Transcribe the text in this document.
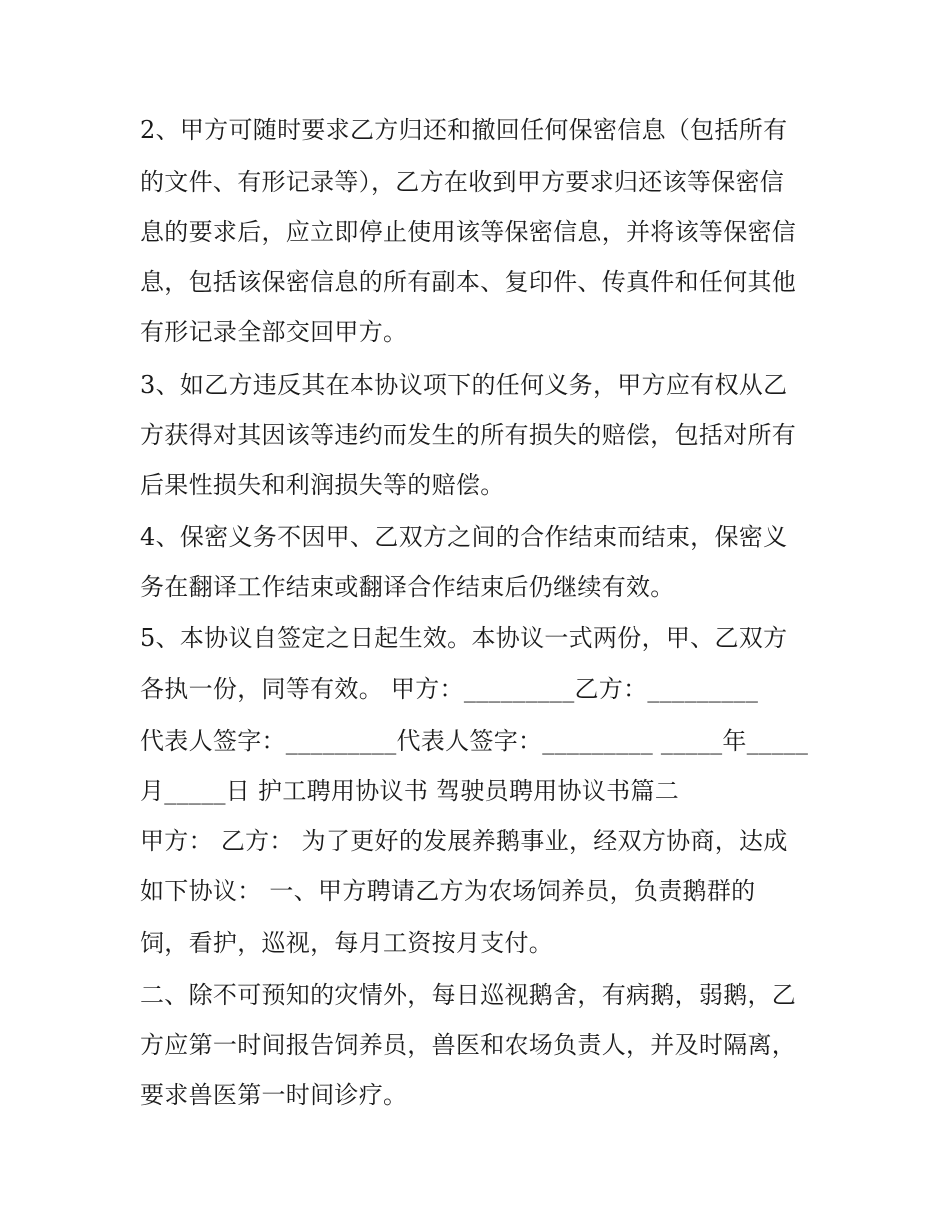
2、甲方可随时要求乙方归还和撤回任何保密信息（包括所有
的文件、有形记录等），乙方在收到甲方要求归还该等保密信
息的要求后，应立即停止使用该等保密信息，并将该等保密信
息，包括该保密信息的所有副本、复印件、传真件和任何其他
有形记录全部交回甲方。
3、如乙方违反其在本协议项下的任何义务，甲方应有权从乙
方获得对其因该等违约而发生的所有损失的赔偿，包括对所有
后果性损失和利润损失等的赔偿。
4、保密义务不因甲、乙双方之间的合作结束而结束，保密义
务在翻译工作结束或翻译合作结束后仍继续有效。
5、本协议自签定之日起生效。本协议一式两份，甲、乙双方
各执一份，同等有效。 甲方：_________乙方：_________
代表人签字：_________代表人签字：_________ _____年_____
月_____日 护工聘用协议书 驾驶员聘用协议书篇二
甲方： 乙方： 为了更好的发展养鹅事业，经双方协商，达成
如下协议： 一、甲方聘请乙方为农场饲养员，负责鹅群的
饲，看护，巡视，每月工资按月支付。
二、除不可预知的灾情外，每日巡视鹅舍，有病鹅，弱鹅，乙
方应第一时间报告饲养员，兽医和农场负责人，并及时隔离，
要求兽医第一时间诊疗。
